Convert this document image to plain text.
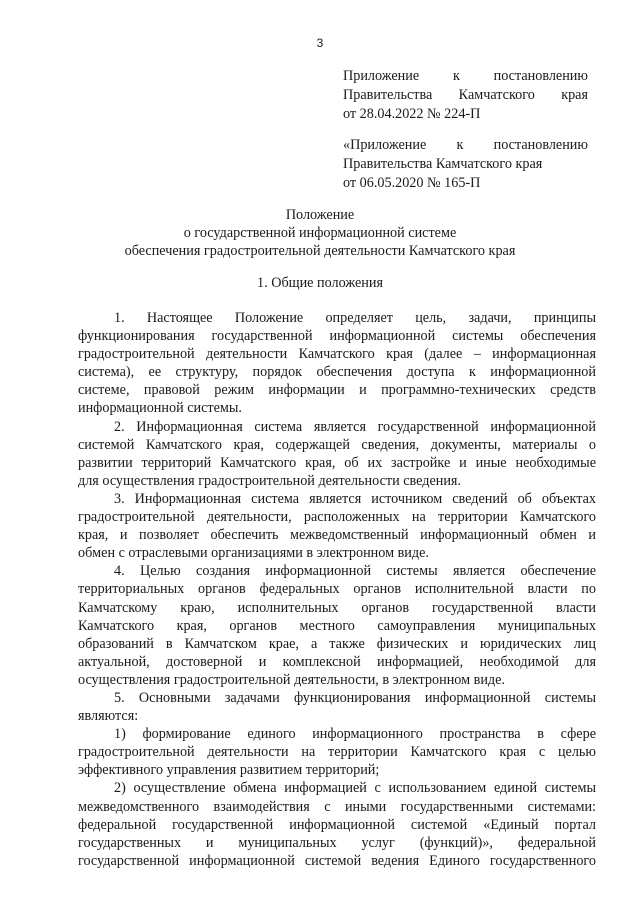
3
Приложение к постановлению
Правительства Камчатского края
от 28.04.2022 № 224-П
«Приложение к постановлению
Правительства Камчатского края
от 06.05.2020 № 165-П
Положение
о государственной информационной системе
обеспечения градостроительной деятельности Камчатского края
1. Общие положения
1. Настоящее Положение определяет цель, задачи, принципы
функционирования государственной информационной системы обеспечения
градостроительной деятельности Камчатского края (далее – информационная
система), ее структуру, порядок обеспечения доступа к информационной
системе, правовой режим информации и программно-технических средств
информационной системы.
2. Информационная система является государственной информационной
системой Камчатского края, содержащей сведения, документы, материалы о
развитии территорий Камчатского края, об их застройке и иные необходимые
для осуществления градостроительной деятельности сведения.
3. Информационная система является источником сведений об объектах
градостроительной деятельности, расположенных на территории Камчатского
края, и позволяет обеспечить межведомственный информационный обмен и
обмен с отраслевыми организациями в электронном виде.
4. Целью создания информационной системы является обеспечение
территориальных органов федеральных органов исполнительной власти по
Камчатскому краю, исполнительных органов государственной власти
Камчатского края, органов местного самоуправления муниципальных
образований в Камчатском крае, а также физических и юридических лиц
актуальной, достоверной и комплексной информацией, необходимой для
осуществления градостроительной деятельности, в электронном виде.
5. Основными задачами функционирования информационной системы
являются:
1) формирование единого информационного пространства в сфере
градостроительной деятельности на территории Камчатского края с целью
эффективного управления развитием территорий;
2) осуществление обмена информацией с использованием единой системы
межведомственного взаимодействия с иными государственными системами:
федеральной государственной информационной системой «Единый портал
государственных и муниципальных услуг (функций)», федеральной
государственной информационной системой ведения Единого государственного
